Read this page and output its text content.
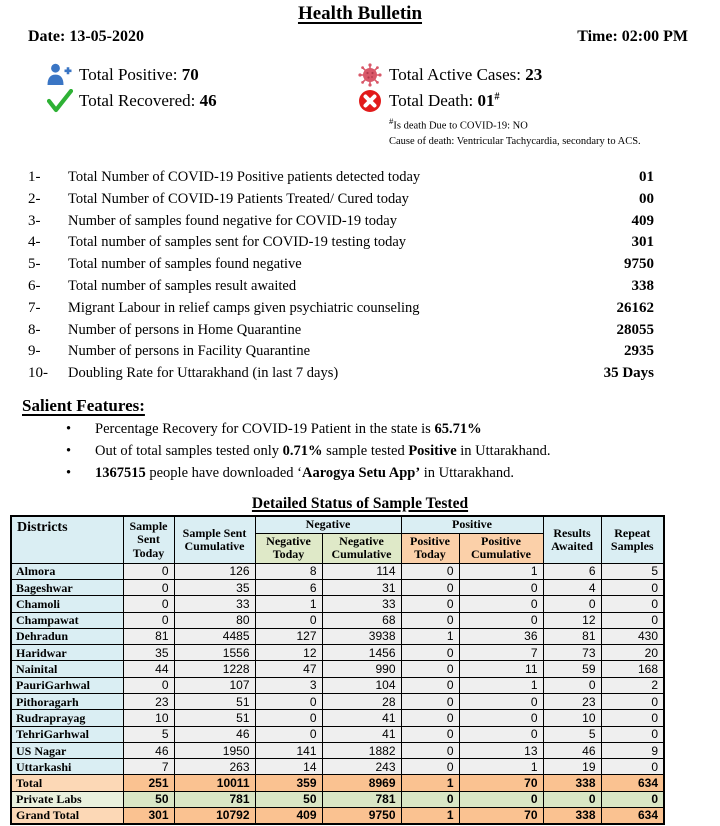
Health Bulletin
Date: 13-05-2020	Time: 02:00 PM
Total Positive: 70
Total Recovered: 46
Total Active Cases: 23
Total Death: 01#
#Is death Due to COVID-19: NO
Cause of death: Ventricular Tachycardia, secondary to ACS.
1-	Total Number of COVID-19 Positive patients detected today	01
2-	Total Number of COVID-19 Patients Treated/ Cured today	00
3-	Number of samples found negative for COVID-19 today	409
4-	Total number of samples sent for COVID-19 testing today	301
5-	Total number of samples found negative	9750
6-	Total number of samples result awaited	338
7-	Migrant Labour in relief camps given psychiatric counseling	26162
8-	Number of persons in Home Quarantine	28055
9-	Number of persons in Facility Quarantine	2935
10-	Doubling Rate for Uttarakhand (in last 7 days)	35 Days
Salient Features:
•	Percentage Recovery for COVID-19 Patient in the state is 65.71%
•	Out of total samples tested only 0.71% sample tested Positive in Uttarakhand.
•	1367515 people have downloaded ‘Aarogya Setu App’ in Uttarakhand.
Detailed Status of Sample Tested
Districts	Sample Sent Today	Sample Sent Cumulative	Negative		Positive		Results Awaited	Repeat Samples
			Negative Today	Negative Cumulative	Positive Today	Positive Cumulative		
Almora	0	126	8	114	0	1	6	5
Bageshwar	0	35	6	31	0	0	4	0
Chamoli	0	33	1	33	0	0	0	0
Champawat	0	80	0	68	0	0	12	0
Dehradun	81	4485	127	3938	1	36	81	430
Haridwar	35	1556	12	1456	0	7	73	20
Nainital	44	1228	47	990	0	11	59	168
PauriGarhwal	0	107	3	104	0	1	0	2
Pithoragarh	23	51	0	28	0	0	23	0
Rudraprayag	10	51	0	41	0	0	10	0
TehriGarhwal	5	46	0	41	0	0	5	0
US Nagar	46	1950	141	1882	0	13	46	9
Uttarkashi	7	263	14	243	0	1	19	0
Total	251	10011	359	8969	1	70	338	634
Private Labs	50	781	50	781	0	0	0	0
Grand Total	301	10792	409	9750	1	70	338	634
